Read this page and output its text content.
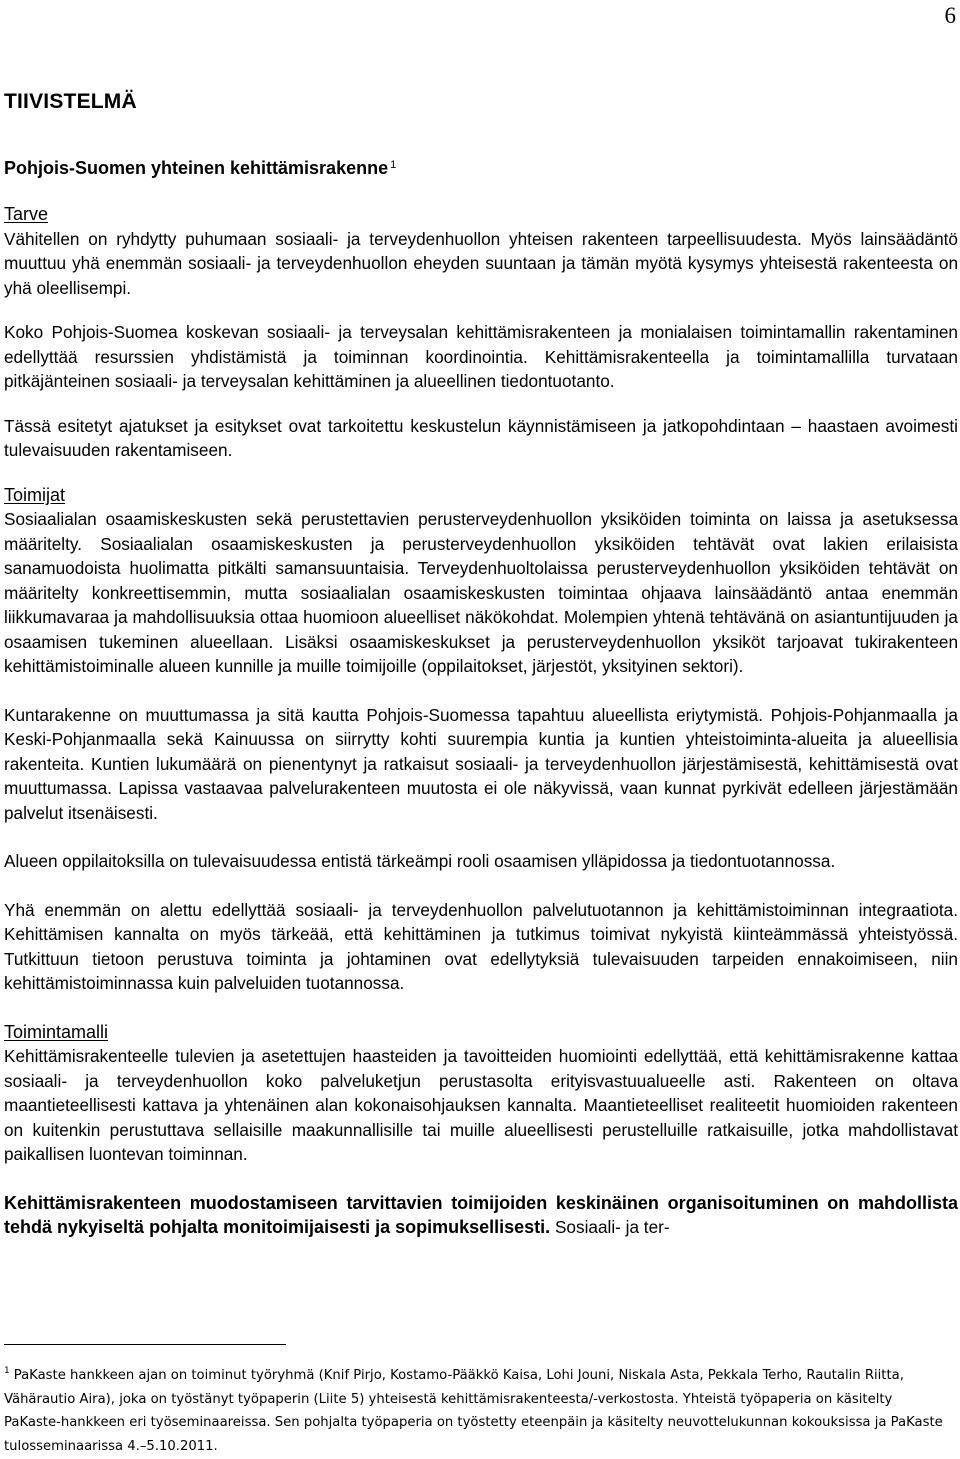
6
TIIVISTELMÄ
Pohjois-Suomen yhteinen kehittämisrakenne $^1$
Tarve

Vähitellen on ryhdytty puhumaan sosiaali- ja terveydenhuollon yhteisen rakenteen tarpeellisuudesta. Myös lainsäädäntö muuttuu yhä enemmän sosiaali- ja terveydenhuollon eheyden suuntaan ja tämän myötä kysymys yhteisestä rakenteesta on yhä oleellisempi.

Koko Pohjois-Suomea koskevan sosiaali- ja terveysalan kehittämisrakenteen ja monialaisen toimintamallin rakentaminen edellyttää resurssien yhdistämistä ja toiminnan koordinointia. Kehittämisrakenteella ja toimintamallilla turvataan pitkäjänteinen sosiaali- ja terveysalan kehittäminen ja alueellinen tiedontuotanto.

Tässä esitetyt ajatukset ja esitykset ovat tarkoitettu keskustelun käynnistämiseen ja jatkopohdintaan – haastaen avoimesti tulevaisuuden rakentamiseen.

Toimijat

Sosiaalialan osaamiskeskusten sekä perustettavien perusterveydenhuollon yksiköiden toiminta on laissa ja asetuksessa määritelty. Sosiaalialan osaamiskeskusten ja perusterveydenhuollon yksiköiden tehtävät ovat lakien erilaisista sanamuodoista huolimatta pitkälti samansuuntaisia. Terveydenhuoltolaissa perusterveydenhuollon yksiköiden tehtävät on määritelty konkreettisemmin, mutta sosiaalialan osaamiskeskusten toimintaa ohjaava lainsäädäntö antaa enemmän liikkumavaraa ja mahdollisuuksia ottaa huomioon alueelliset näkökohdat. Molempien yhtenä tehtävänä on asiantuntijuuden ja osaamisen tukeminen alueellaan. Lisäksi osaamiskeskukset ja perusterveydenhuollon yksiköt tarjoavat tukirakenteen kehittämistoiminalle alueen kunnille ja muille toimijoille (oppilaitokset, järjestöt, yksityinen sektori).

Kuntarakenne on muuttumassa ja sitä kautta Pohjois-Suomessa tapahtuu alueellista eriytymistä. Pohjois-Pohjanmaalla ja Keski-Pohjanmaalla sekä Kainuussa on siirrytty kohti suurempia kuntia ja kuntien yhteistoiminta-alueita ja alueellisia rakenteita. Kuntien lukumäärä on pienentynyt ja ratkaisut sosiaali- ja terveydenhuollon järjestämisestä, kehittämisestä ovat muuttumassa. Lapissa vastaavaa palvelurakenteen muutosta ei ole näkyvissä, vaan kunnat pyrkivät edelleen järjestämään palvelut itsenäisesti.

Alueen oppilaitoksilla on tulevaisuudessa entistä tärkeämpi rooli osaamisen ylläpidossa ja tiedontuotannossa.

Yhä enemmän on alettu edellyttää sosiaali- ja terveydenhuollon palvelutuotannon ja kehittämistoiminnan integraatiota. Kehittämisen kannalta on myös tärkeää, että kehittäminen ja tutkimus toimivat nykyistä kiinteämmässä yhteistyössä. Tutkittuun tietoon perustuva toiminta ja johtaminen ovat edellytyksiä tulevaisuuden tarpeiden ennakoimiseen, niin kehittämistoiminnassa kuin palveluiden tuotannossa.

Toimintamalli

Kehittämisrakenteelle tulevien ja asetettujen haasteiden ja tavoitteiden huomiointi edellyttää, että kehittämisrakenne kattaa sosiaali- ja terveydenhuollon koko palveluketjun perustasolta erityisvastuualueelle asti. Rakenteen on oltava maantieteellisesti kattava ja yhtenäinen alan kokonaisohjauksen kannalta. Maantieteelliset realiteetit huomioiden rakenteen on kuitenkin perustuttava sellaisille maakunnallisille tai muille alueellisesti perustelluille ratkaisuille, jotka mahdollistavat paikallisen luontevan toiminnan.

Kehittämisrakenteen muodostamiseen tarvittavien toimijoiden keskinäinen organisoituminen on mahdollista tehdä nykyiseltä pohjalta monitoimijaisesti ja sopimuksellisesti. Sosiaali- ja ter-

$^1$ PaKaste hankkeen ajan on toiminut työryhmä (Knif Pirjo, Kostamo-Pääkkö Kaisa, Lohi Jouni, Niskala Asta, Pekkala Terho, Rautalin Riitta, Vähärautio Aira), joka on työstänyt työpaperin (Liite 5) yhteisestä kehittämisrakenteesta/-verkostosta. Yhteistä työpaperia on käsitelty PaKaste-hankkeen eri työseminaareissa. Sen pohjalta työpaperia on työstetty eteenpäin ja käsitelty neuvottelukunnan kokouksissa ja PaKaste tulosseminaarissa 4.–5.10.2011.
